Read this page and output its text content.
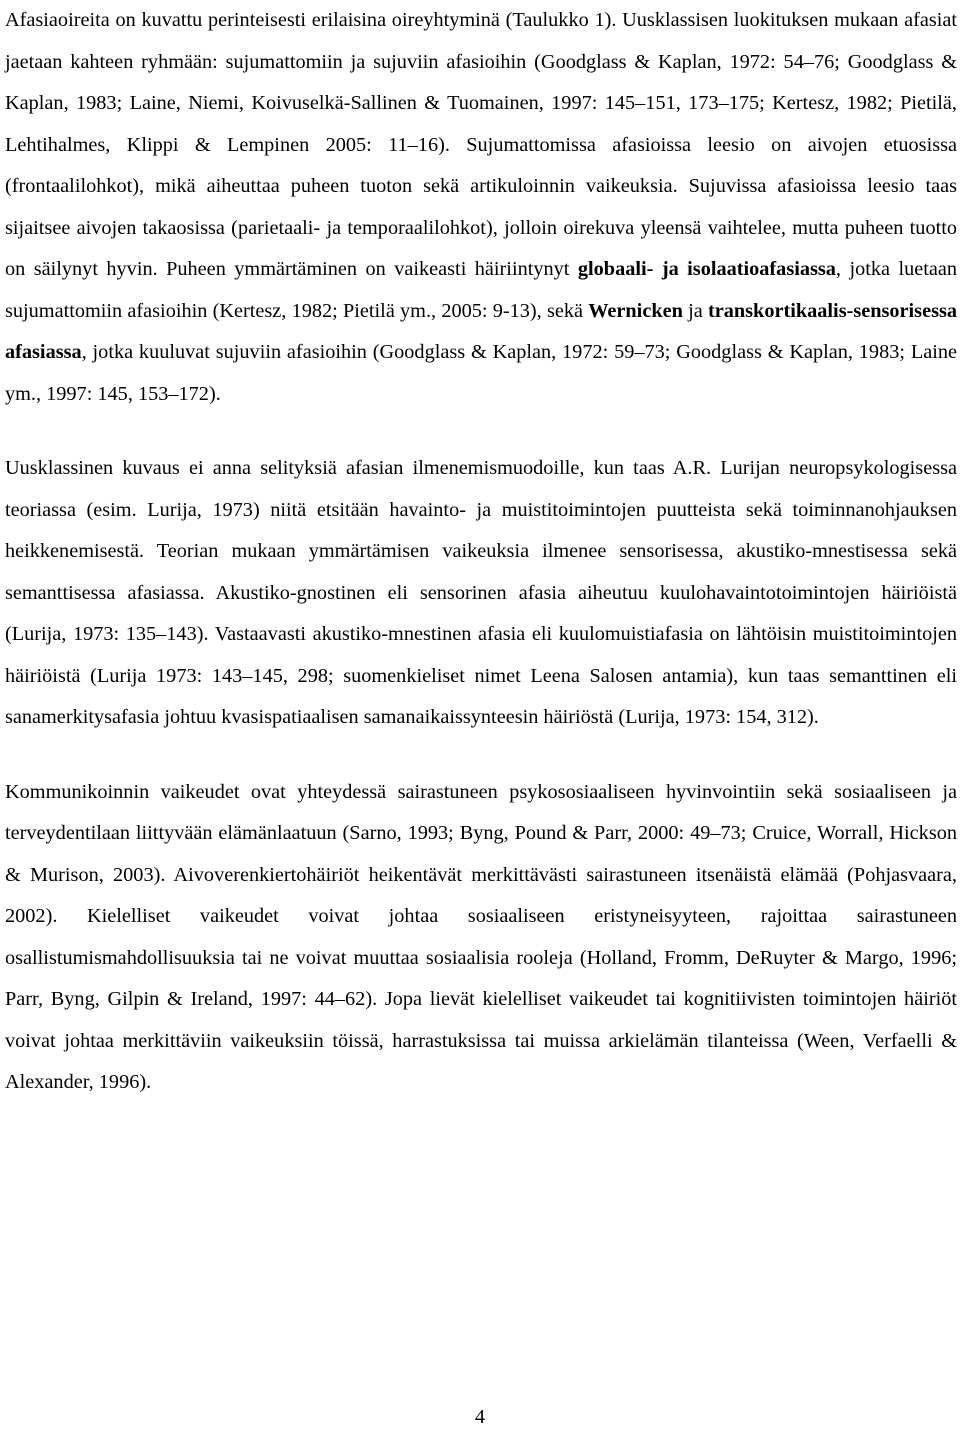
Afasiaoireita on kuvattu perinteisesti erilaisina oireyhtyminä (Taulukko 1). Uusklassisen luokituksen mukaan afasiat jaetaan kahteen ryhmään: sujumattomiin ja sujuviin afasioihin (Goodglass & Kaplan, 1972: 54–76; Goodglass & Kaplan, 1983; Laine, Niemi, Koivuselkä-Sallinen & Tuomainen, 1997: 145–151, 173–175; Kertesz, 1982; Pietilä, Lehtihalmes, Klippi & Lempinen 2005: 11–16). Sujumattomissa afasioissa leesio on aivojen etuosissa (frontaalilohkot), mikä aiheuttaa puheen tuoton sekä artikuloinnin vaikeuksia. Sujuvissa afasioissa leesio taas sijaitsee aivojen takaosissa (parietaali- ja temporaalilohkot), jolloin oirekuva yleensä vaihtelee, mutta puheen tuotto on säilynyt hyvin. Puheen ymmärtäminen on vaikeasti häiriintynyt globaali- ja isolaatioafasiassa, jotka luetaan sujumattomiin afasioihin (Kertesz, 1982; Pietilä ym., 2005: 9-13), sekä Wernicken ja transkortikaalis-sensorisessa afasiassa, jotka kuuluvat sujuviin afasioihin (Goodglass & Kaplan, 1972: 59–73; Goodglass & Kaplan, 1983; Laine ym., 1997: 145, 153–172).

Uusklassinen kuvaus ei anna selityksiä afasian ilmenemismuodoille, kun taas A.R. Lurijan neuropsykologisessa teoriassa (esim. Lurija, 1973) niitä etsitään havainto- ja muistitoimintojen puutteista sekä toiminnanohjauksen heikkenemisestä. Teorian mukaan ymmärtämisen vaikeuksia ilmenee sensorisessa, akustiko-mnestisessa sekä semanttisessa afasiassa. Akustiko-gnostinen eli sensorinen afasia aiheutuu kuulohavaintotoimintojen häiriöistä (Lurija, 1973: 135–143). Vastaavasti akustiko-mnestinen afasia eli kuulomuistiafasia on lähtöisin muistitoimintojen häiriöistä (Lurija 1973: 143–145, 298; suomenkieliset nimet Leena Salosen antamia), kun taas semanttinen eli sanamerkitysafasia johtuu kvasispatiaalisen samanaikaissynteesin häiriöstä (Lurija, 1973: 154, 312).

Kommunikoinnin vaikeudet ovat yhteydessä sairastuneen psykososiaaliseen hyvinvointiin sekä sosiaaliseen ja terveydentilaan liittyvään elämänlaatuun (Sarno, 1993; Byng, Pound & Parr, 2000: 49–73; Cruice, Worrall, Hickson & Murison, 2003). Aivoverenkiertohäiriöt heikentävät merkittävästi sairastuneen itsenäistä elämää (Pohjasvaara, 2002). Kielelliset vaikeudet voivat johtaa sosiaaliseen eristyneisyyteen, rajoittaa sairastuneen osallistumismahdollisuuksia tai ne voivat muuttaa sosiaalisia rooleja (Holland, Fromm, DeRuyter & Margo, 1996; Parr, Byng, Gilpin & Ireland, 1997: 44–62). Jopa lievät kielelliset vaikeudet tai kognitiivisten toimintojen häiriöt voivat johtaa merkittäviin vaikeuksiin töissä, harrastuksissa tai muissa arkielämän tilanteissa (Ween, Verfaelli & Alexander, 1996).

4
